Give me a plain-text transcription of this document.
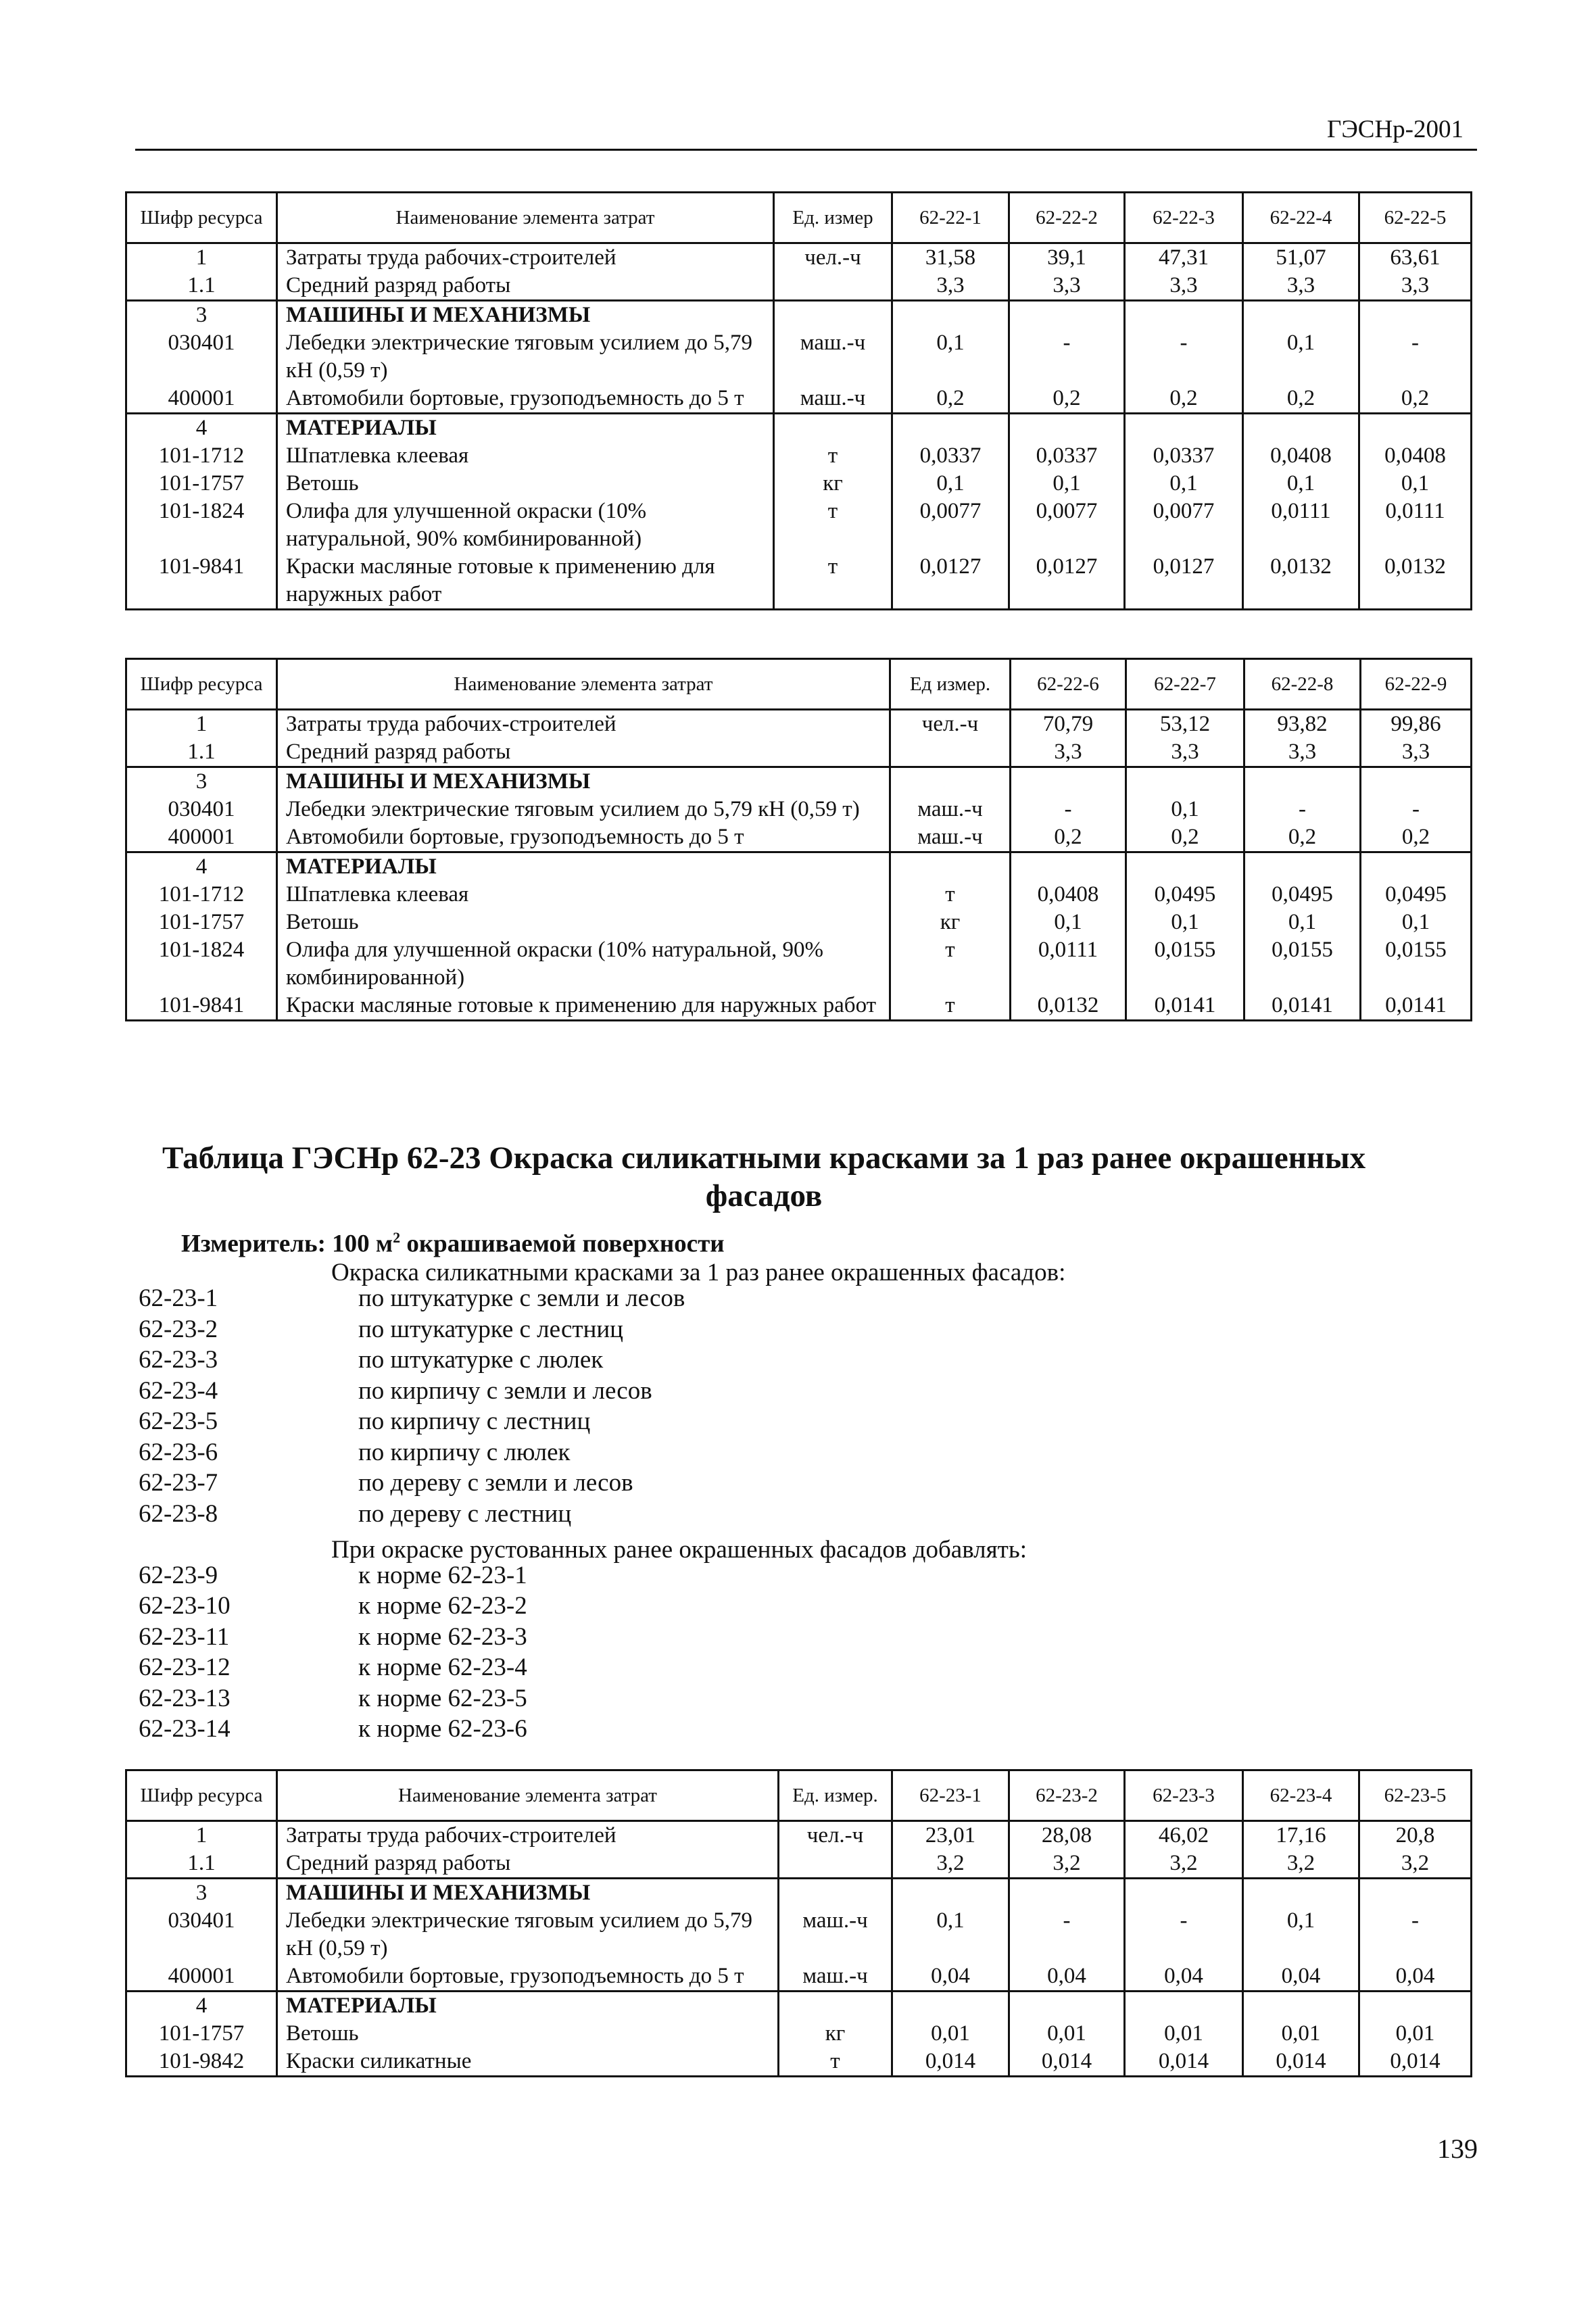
ГЭСНр-2001
Шифр ресурса	Наименование элемента затрат	Ед. измер	62-22-1	62-22-2	62-22-3	62-22-4	62-22-5
1	Затраты труда рабочих-строителей	чел.-ч	31,58	39,1	47,31	51,07	63,61
1.1	Средний разряд работы		3,3	3,3	3,3	3,3	3,3
3	МАШИНЫ И МЕХАНИЗМЫ						
030401	Лебедки электрические тяговым усилием до 5,79 кН (0,59 т)	маш.-ч	0,1	-	-	0,1	-
400001	Автомобили бортовые, грузоподъемность до 5 т	маш.-ч	0,2	0,2	0,2	0,2	0,2
4	МАТЕРИАЛЫ						
101-1712	Шпатлевка клеевая	т	0,0337	0,0337	0,0337	0,0408	0,0408
101-1757	Ветошь	кг	0,1	0,1	0,1	0,1	0,1
101-1824	Олифа для улучшенной окраски (10% натуральной, 90% комбинированной)	т	0,0077	0,0077	0,0077	0,0111	0,0111
101-9841	Краски масляные готовые к применению для наружных работ	т	0,0127	0,0127	0,0127	0,0132	0,0132
Шифр ресурса	Наименование элемента затрат	Ед измер.	62-22-6	62-22-7	62-22-8	62-22-9
1	Затраты труда рабочих-строителей	чел.-ч	70,79	53,12	93,82	99,86
1.1	Средний разряд работы		3,3	3,3	3,3	3,3
3	МАШИНЫ И МЕХАНИЗМЫ					
030401	Лебедки электрические тяговым усилием до 5,79 кН (0,59 т)	маш.-ч	-	0,1	-	-
400001	Автомобили бортовые, грузоподъемность до 5 т	маш.-ч	0,2	0,2	0,2	0,2
4	МАТЕРИАЛЫ					
101-1712	Шпатлевка клеевая	т	0,0408	0,0495	0,0495	0,0495
101-1757	Ветошь	кг	0,1	0,1	0,1	0,1
101-1824	Олифа для улучшенной окраски (10% натуральной, 90% комбинированной)	т	0,0111	0,0155	0,0155	0,0155
101-9841	Краски масляные готовые к применению для наружных работ	т	0,0132	0,0141	0,0141	0,0141
Таблица ГЭСНр 62-23 Окраска силикатными красками за 1 раз ранее окрашенных фасадов
Измеритель: 100 $м^2$ окрашиваемой поверхности
Окраска силикатными красками за 1 раз ранее окрашенных фасадов:
При окраске рустованных ранее окрашенных фасадов добавлять:
62-23-1	по штукатурке с земли и лесов
62-23-2	по штукатурке с лестниц
62-23-3	по штукатурке с люлек
62-23-4	по кирпичу с земли и лесов
62-23-5	по кирпичу с лестниц
62-23-6	по кирпичу с люлек
62-23-7	по дереву с земли и лесов
62-23-8	по дереву с лестниц

62-23-9	к норме 62-23-1
62-23-10	к норме 62-23-2
62-23-11	к норме 62-23-3
62-23-12	к норме 62-23-4
62-23-13	к норме 62-23-5
62-23-14	к норме 62-23-6
Шифр ресурса	Наименование элемента затрат	Ед. измер.	62-23-1	62-23-2	62-23-3	62-23-4	62-23-5
1	Затраты труда рабочих-строителей	чел.-ч	23,01	28,08	46,02	17,16	20,8
1.1	Средний разряд работы		3,2	3,2	3,2	3,2	3,2
3	МАШИНЫ И МЕХАНИЗМЫ						
030401	Лебедки электрические тяговым усилием до 5,79 кН (0,59 т)	маш.-ч	0,1	-	-	0,1	-
400001	Автомобили бортовые, грузоподъемность до 5 т	маш.-ч	0,04	0,04	0,04	0,04	0,04
4	МАТЕРИАЛЫ						
101-1757	Ветошь	кг	0,01	0,01	0,01	0,01	0,01
101-9842	Краски силикатные	т	0,014	0,014	0,014	0,014	0,014
139
